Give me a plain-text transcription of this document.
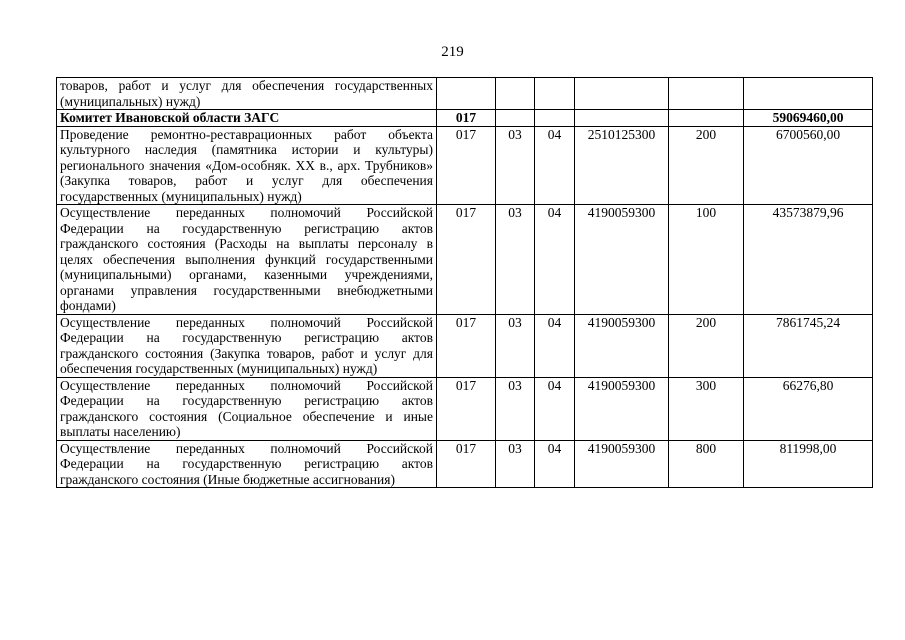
219
товаров, работ и услуг для обеспечения государственных (муниципальных) нужд)						
Комитет Ивановской области ЗАГС	017					59069460,00
Проведение ремонтно-реставрационных работ объекта культурного наследия (памятника истории и культуры) регионального значения «Дом-особняк. XX в., арх. Трубников» (Закупка товаров, работ и услуг для обеспечения государственных (муниципальных) нужд)	017	03	04	2510125300	200	6700560,00
Осуществление переданных полномочий Российской Федерации на государственную регистрацию актов гражданского состояния (Расходы на выплаты персоналу в целях обеспечения выполнения функций государственными (муниципальными) органами, казенными учреждениями, органами управления государственными внебюджетными фондами)	017	03	04	4190059300	100	43573879,96
Осуществление переданных полномочий Российской Федерации на государственную регистрацию актов гражданского состояния (Закупка товаров, работ и услуг для обеспечения государственных (муниципальных) нужд)	017	03	04	4190059300	200	7861745,24
Осуществление переданных полномочий Российской Федерации на государственную регистрацию актов гражданского состояния (Социальное обеспечение и иные выплаты населению)	017	03	04	4190059300	300	66276,80
Осуществление переданных полномочий Российской Федерации на государственную регистрацию актов гражданского состояния (Иные бюджетные ассигнования)	017	03	04	4190059300	800	811998,00
